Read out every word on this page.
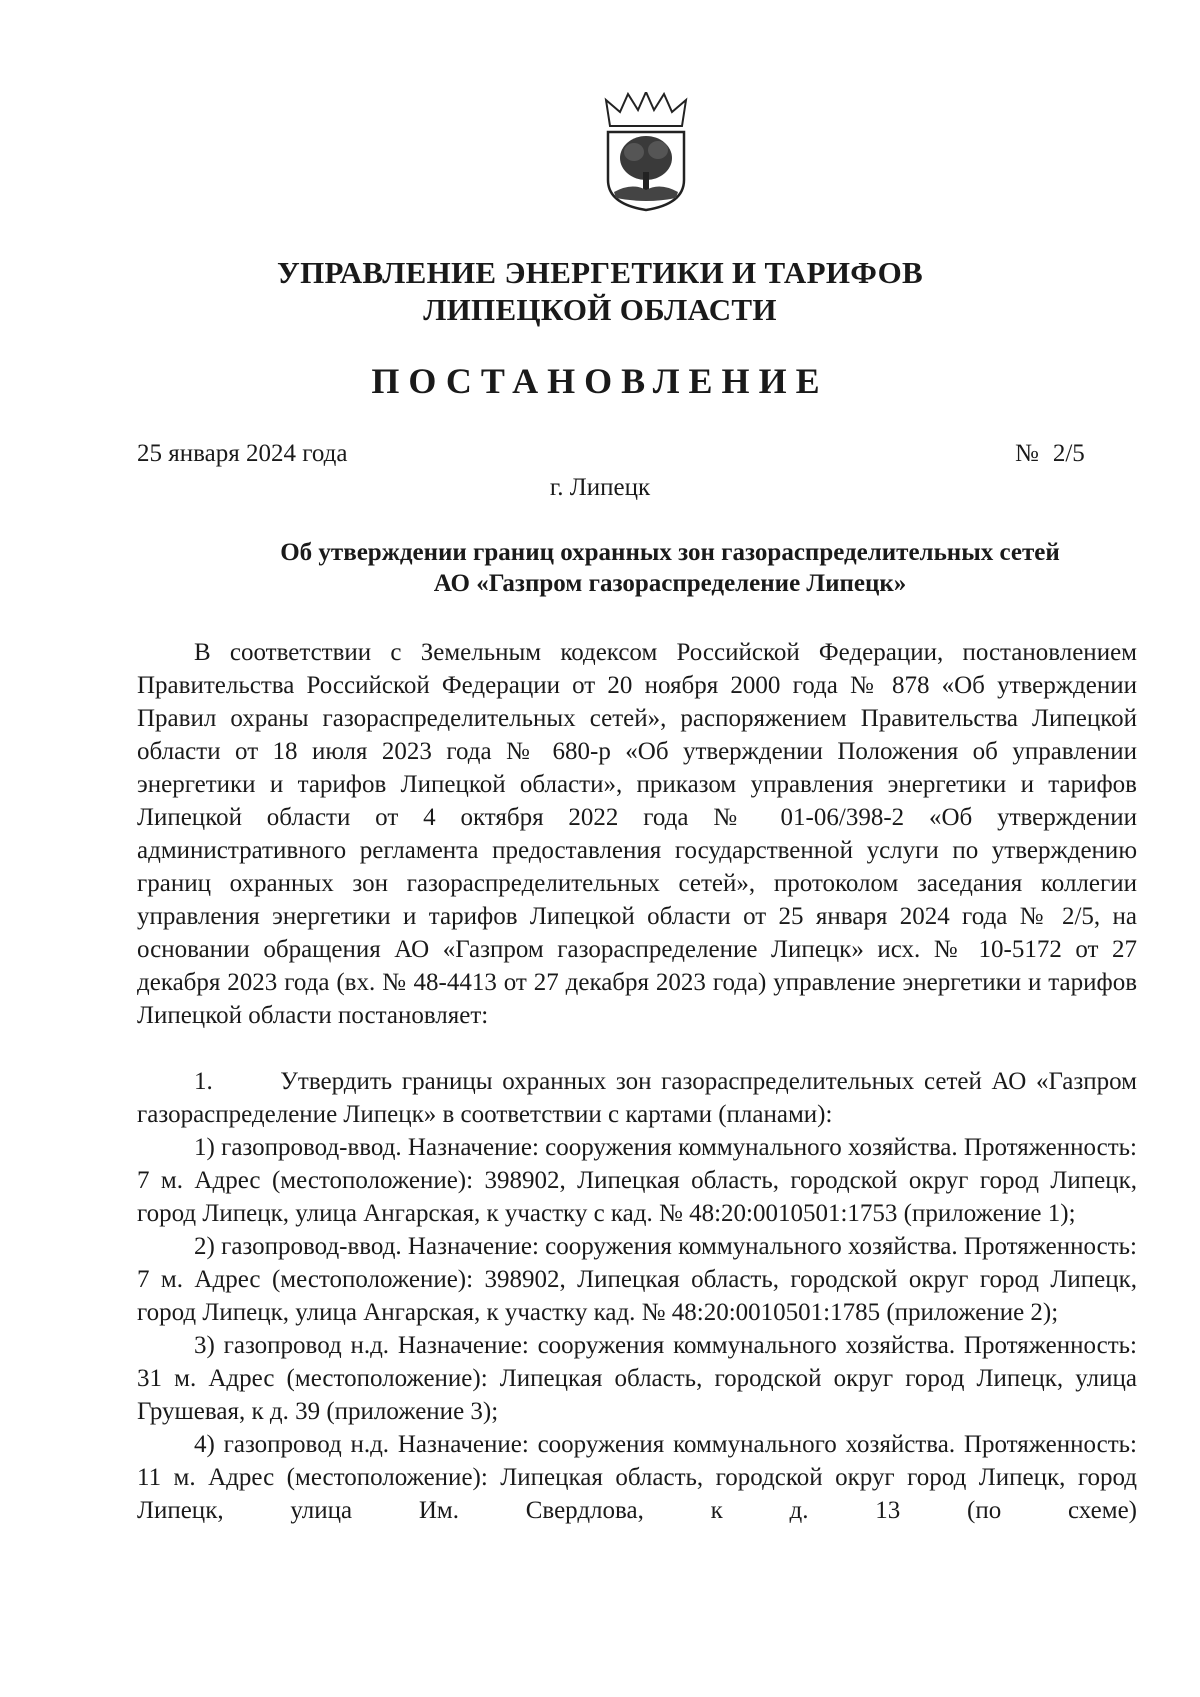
УПРАВЛЕНИЕ ЭНЕРГЕТИКИ И ТАРИФОВ
ЛИПЕЦКОЙ ОБЛАСТИ
ПОСТАНОВЛЕНИЕ
25 января 2024 года	№ 2/5
г. Липецк
Об утверждении границ охранных зон газораспределительных сетей
АО «Газпром газораспределение Липецк»

В соответствии с Земельным кодексом Российской Федерации, постановлением Правительства Российской Федерации от 20 ноября 2000 года № 878 «Об утверждении Правил охраны газораспределительных сетей», распоряжением Правительства Липецкой области от 18 июля 2023 года № 680-р «Об утверждении Положения об управлении энергетики и тарифов Липецкой области», приказом управления энергетики и тарифов Липецкой области от 4 октября 2022 года № 01-06/398-2 «Об утверждении административного регламента предоставления государственной услуги по утверждению границ охранных зон газораспределительных сетей», протоколом заседания коллегии управления энергетики и тарифов Липецкой области от 25 января 2024 года № 2/5, на основании обращения АО «Газпром газораспределение Липецк» исх. № 10-5172 от 27 декабря 2023 года (вх. № 48-4413 от 27 декабря 2023 года) управление энергетики и тарифов Липецкой области постановляет:

1.       Утвердить границы охранных зон газораспределительных сетей АО «Газпром газораспределение Липецк» в соответствии с картами (планами):

1) газопровод-ввод. Назначение: сооружения коммунального хозяйства. Протяженность: 7 м. Адрес (местоположение): 398902, Липецкая область, городской округ город Липецк, город Липецк, улица Ангарская, к участку с кад. № 48:20:0010501:1753 (приложение 1);

2) газопровод-ввод. Назначение: сооружения коммунального хозяйства. Протяженность: 7 м. Адрес (местоположение): 398902, Липецкая область, городской округ город Липецк, город Липецк, улица Ангарская, к участку кад. № 48:20:0010501:1785 (приложение 2);

3) газопровод н.д. Назначение: сооружения коммунального хозяйства. Протяженность: 31 м. Адрес (местоположение): Липецкая область, городской округ город Липецк, улица Грушевая, к д. 39 (приложение 3);

4) газопровод н.д. Назначение: сооружения коммунального хозяйства. Протяженность: 11 м. Адрес (местоположение): Липецкая область, городской округ город Липецк, город Липецк, улица Им. Свердлова, к д. 13 (по схеме)
